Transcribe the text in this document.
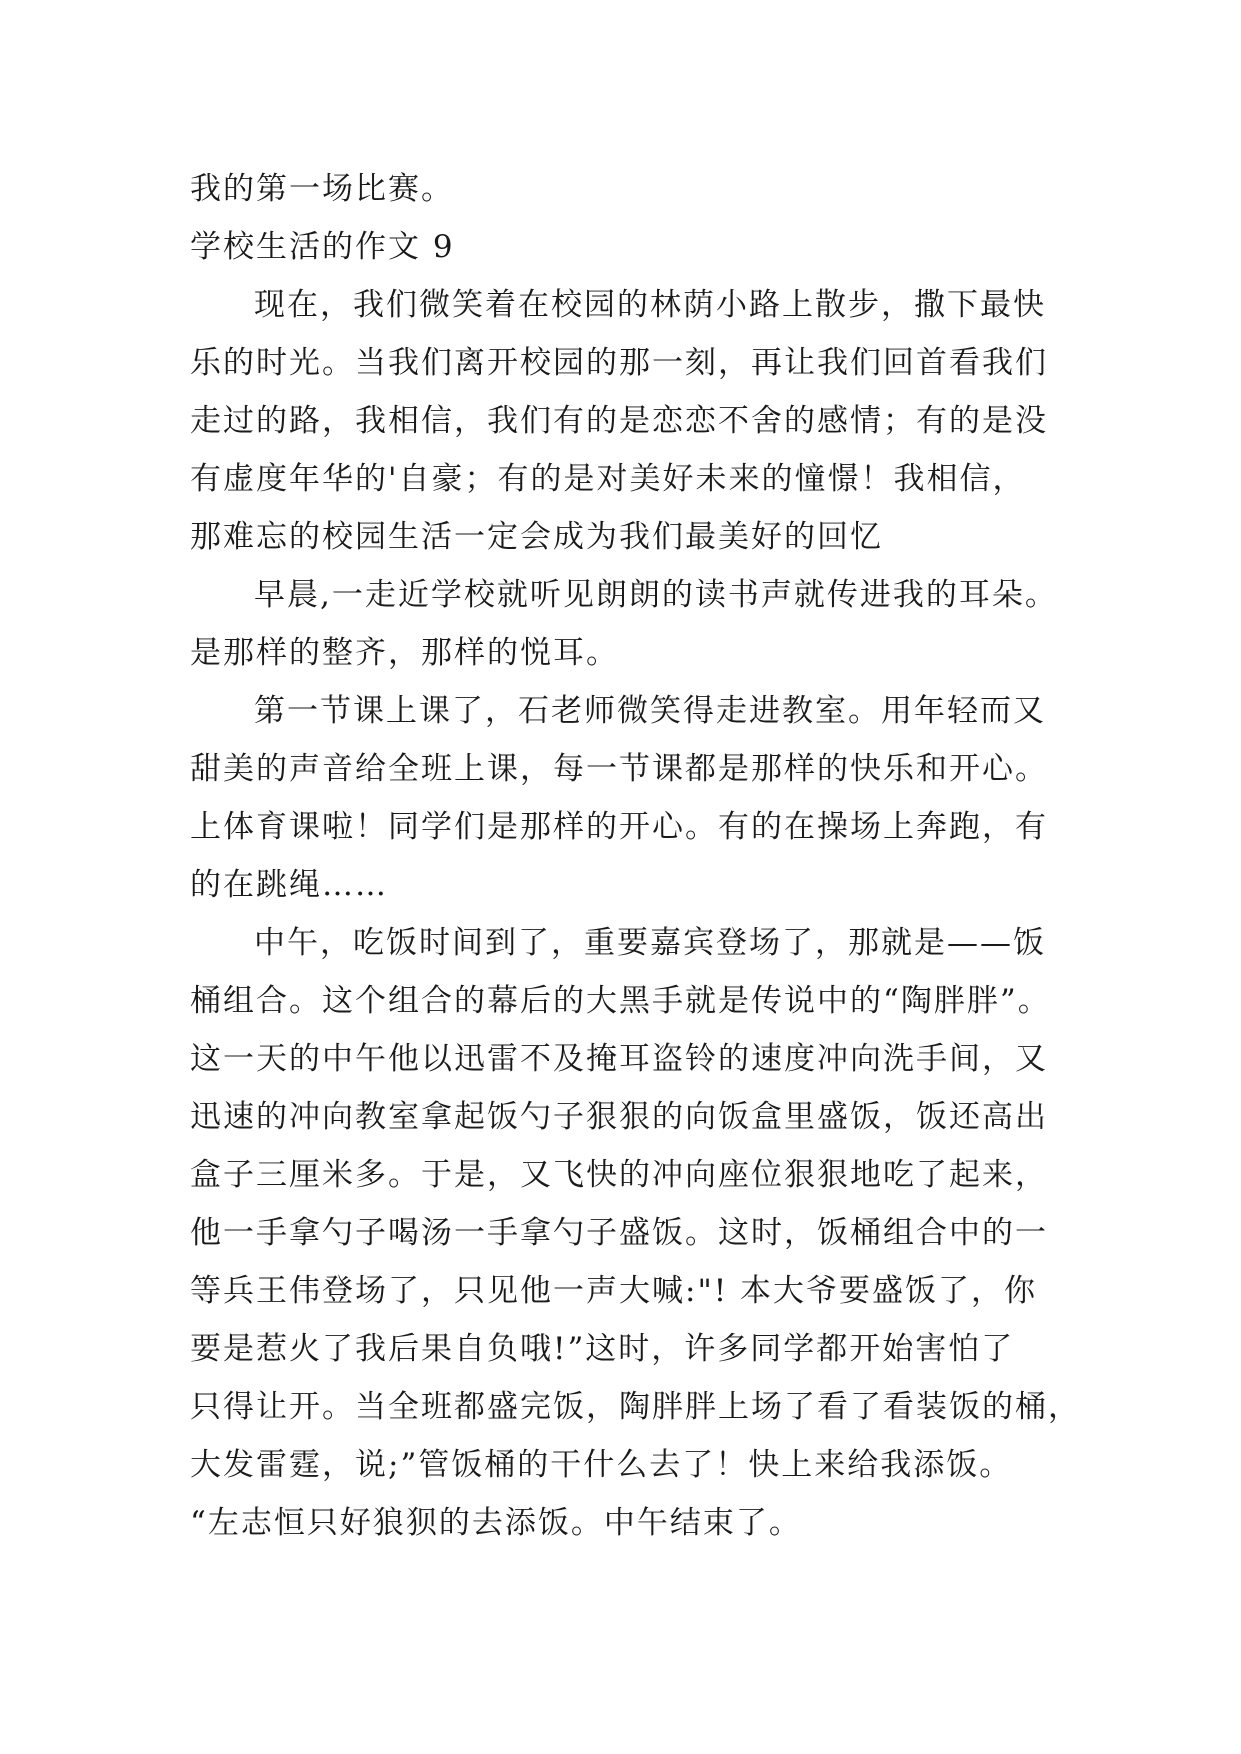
我的第一场比赛。
学校生活的作文 9
现在，我们微笑着在校园的林荫小路上散步，撒下最快
乐的时光。当我们离开校园的那一刻，再让我们回首看我们
走过的路，我相信，我们有的是恋恋不舍的感情；有的是没
有虚度年华的'自豪；有的是对美好未来的憧憬！我相信，
那难忘的校园生活一定会成为我们最美好的回忆
早晨,一走近学校就听见朗朗的读书声就传进我的耳朵。
是那样的整齐，那样的悦耳。
第一节课上课了，石老师微笑得走进教室。用年轻而又
甜美的声音给全班上课，每一节课都是那样的快乐和开心。
上体育课啦！同学们是那样的开心。有的在操场上奔跑，有
的在跳绳……
中午，吃饭时间到了，重要嘉宾登场了，那就是——饭
桶组合。这个组合的幕后的大黑手就是传说中的“陶胖胖”。
这一天的中午他以迅雷不及掩耳盗铃的速度冲向洗手间，又
迅速的冲向教室拿起饭勺子狠狠的向饭盒里盛饭，饭还高出
盒子三厘米多。于是，又飞快的冲向座位狠狠地吃了起来，
他一手拿勺子喝汤一手拿勺子盛饭。这时，饭桶组合中的一
等兵王伟登场了，只见他一声大喊:"! 本大爷要盛饭了，你
要是惹火了我后果自负哦!”这时，许多同学都开始害怕了
只得让开。当全班都盛完饭，陶胖胖上场了看了看装饭的桶，
大发雷霆，说;”管饭桶的干什么去了！快上来给我添饭。
“左志恒只好狼狈的去添饭。中午结束了。
